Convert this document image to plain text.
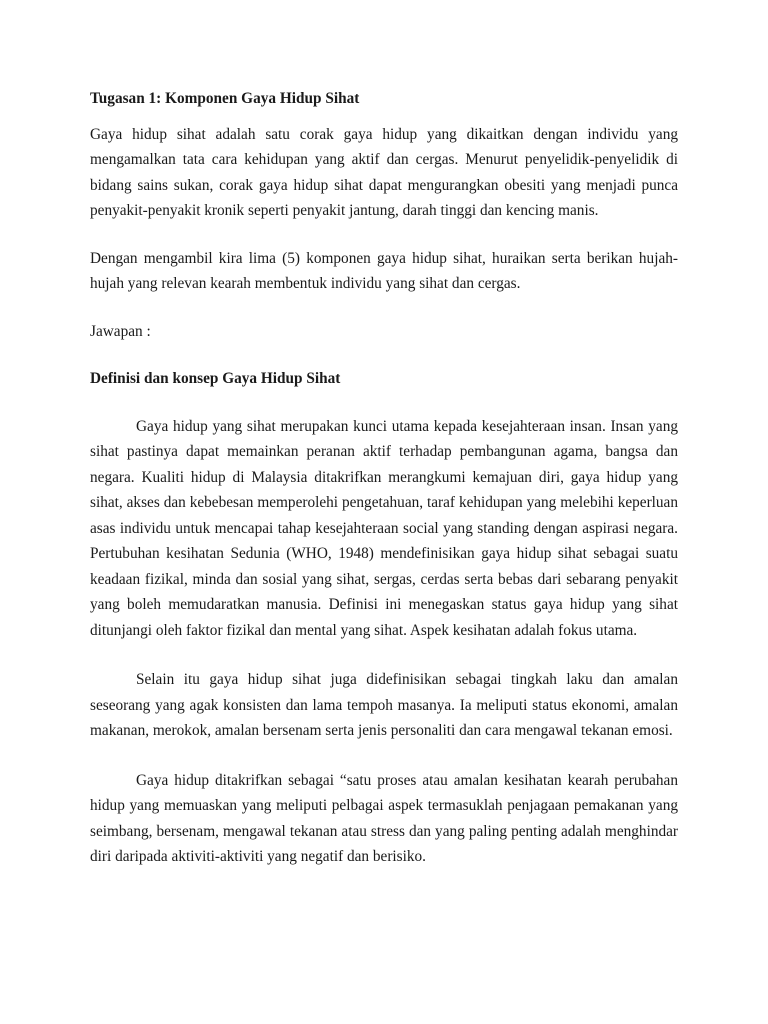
Tugasan 1: Komponen Gaya Hidup Sihat

Gaya hidup sihat adalah satu corak gaya hidup yang dikaitkan dengan individu yang mengamalkan tata cara kehidupan yang aktif dan cergas. Menurut penyelidik-penyelidik di bidang sains sukan, corak gaya hidup sihat dapat mengurangkan obesiti yang menjadi punca penyakit-penyakit kronik seperti penyakit jantung, darah tinggi dan kencing manis.

Dengan mengambil kira lima (5) komponen gaya hidup sihat, huraikan serta berikan hujah-hujah yang relevan kearah membentuk individu yang sihat dan cergas.

Jawapan :

Definisi dan konsep Gaya Hidup Sihat

Gaya hidup yang sihat merupakan kunci utama kepada kesejahteraan insan. Insan yang sihat pastinya dapat memainkan peranan aktif terhadap pembangunan agama, bangsa dan negara. Kualiti hidup di Malaysia ditakrifkan merangkumi kemajuan diri, gaya hidup yang sihat, akses dan kebebesan memperolehi pengetahuan, taraf kehidupan yang melebihi keperluan asas individu untuk mencapai tahap kesejahteraan social yang standing dengan aspirasi negara. Pertubuhan kesihatan Sedunia (WHO, 1948) mendefinisikan gaya hidup sihat sebagai suatu keadaan fizikal, minda dan sosial yang sihat, sergas, cerdas serta bebas dari sebarang penyakit yang boleh memudaratkan manusia. Definisi ini menegaskan status gaya hidup yang sihat ditunjangi oleh faktor fizikal dan mental yang sihat. Aspek kesihatan adalah fokus utama.

Selain itu gaya hidup sihat juga didefinisikan sebagai tingkah laku dan amalan seseorang yang agak konsisten dan lama tempoh masanya. Ia meliputi status ekonomi, amalan makanan, merokok, amalan bersenam serta jenis personaliti dan cara mengawal tekanan emosi.

Gaya hidup ditakrifkan sebagai “satu proses atau amalan kesihatan kearah perubahan hidup yang memuaskan yang meliputi pelbagai aspek termasuklah penjagaan pemakanan yang seimbang, bersenam, mengawal tekanan atau stress dan yang paling penting adalah menghindar diri daripada aktiviti-aktiviti yang negatif dan berisiko.
